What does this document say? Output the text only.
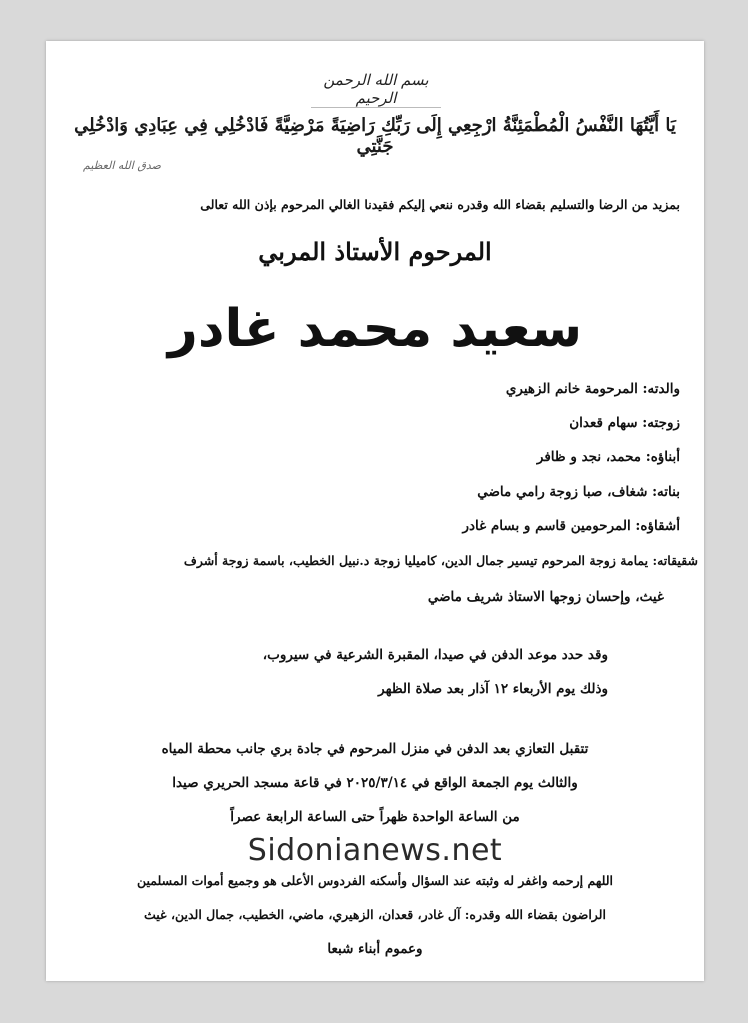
بسم الله الرحمن الرحيم
يَا أَيَّتُهَا النَّفْسُ الْمُطْمَئِنَّةُ ارْجِعِي إِلَى رَبِّكِ رَاضِيَةً مَرْضِيَّةً فَادْخُلِي فِي عِبَادِي وَادْخُلِي جَنَّتِي
صدق الله العظيم
بمزيد من الرضا والتسليم بقضاء الله وقدره ننعي إليكم فقيدنا الغالي المرحوم بإذن الله تعالى
المرحوم الأستاذ المربي
سعيد محمد غادر
والدته: المرحومة خانم الزهيري
زوجته: سهام قعدان
أبناؤه: محمد، نجد و ظافر
بناته: شغاف، صبا زوجة رامي ماضي
أشقاؤه: المرحومين قاسم و بسام غادر
شقيقاته: يمامة زوجة المرحوم تيسير جمال الدين، كاميليا زوجة د.نبيل الخطيب، باسمة زوجة أشرف
غيث، وإحسان زوجها الاستاذ شريف ماضي
وقد حدد موعد الدفن في صيدا، المقبرة الشرعية في سيروب،
وذلك يوم الأربعاء ١٢ آذار بعد صلاة الظهر
تتقبل التعازي بعد الدفن في منزل المرحوم في جادة بري جانب محطة المياه
والثالث يوم الجمعة الواقع في ٢٠٢٥/٣/١٤ في قاعة مسجد الحريري صيدا
من الساعة الواحدة ظهراً حتى الساعة الرابعة عصراً
Sidonianews.net
اللهم إرحمه واغفر له وثبته عند السؤال وأسكنه الفردوس الأعلى هو وجميع أموات المسلمين
الراضون بقضاء الله وقدره: آل غادر، قعدان، الزهيري، ماضي، الخطيب، جمال الدين، غيث
وعموم أبناء شبعا
